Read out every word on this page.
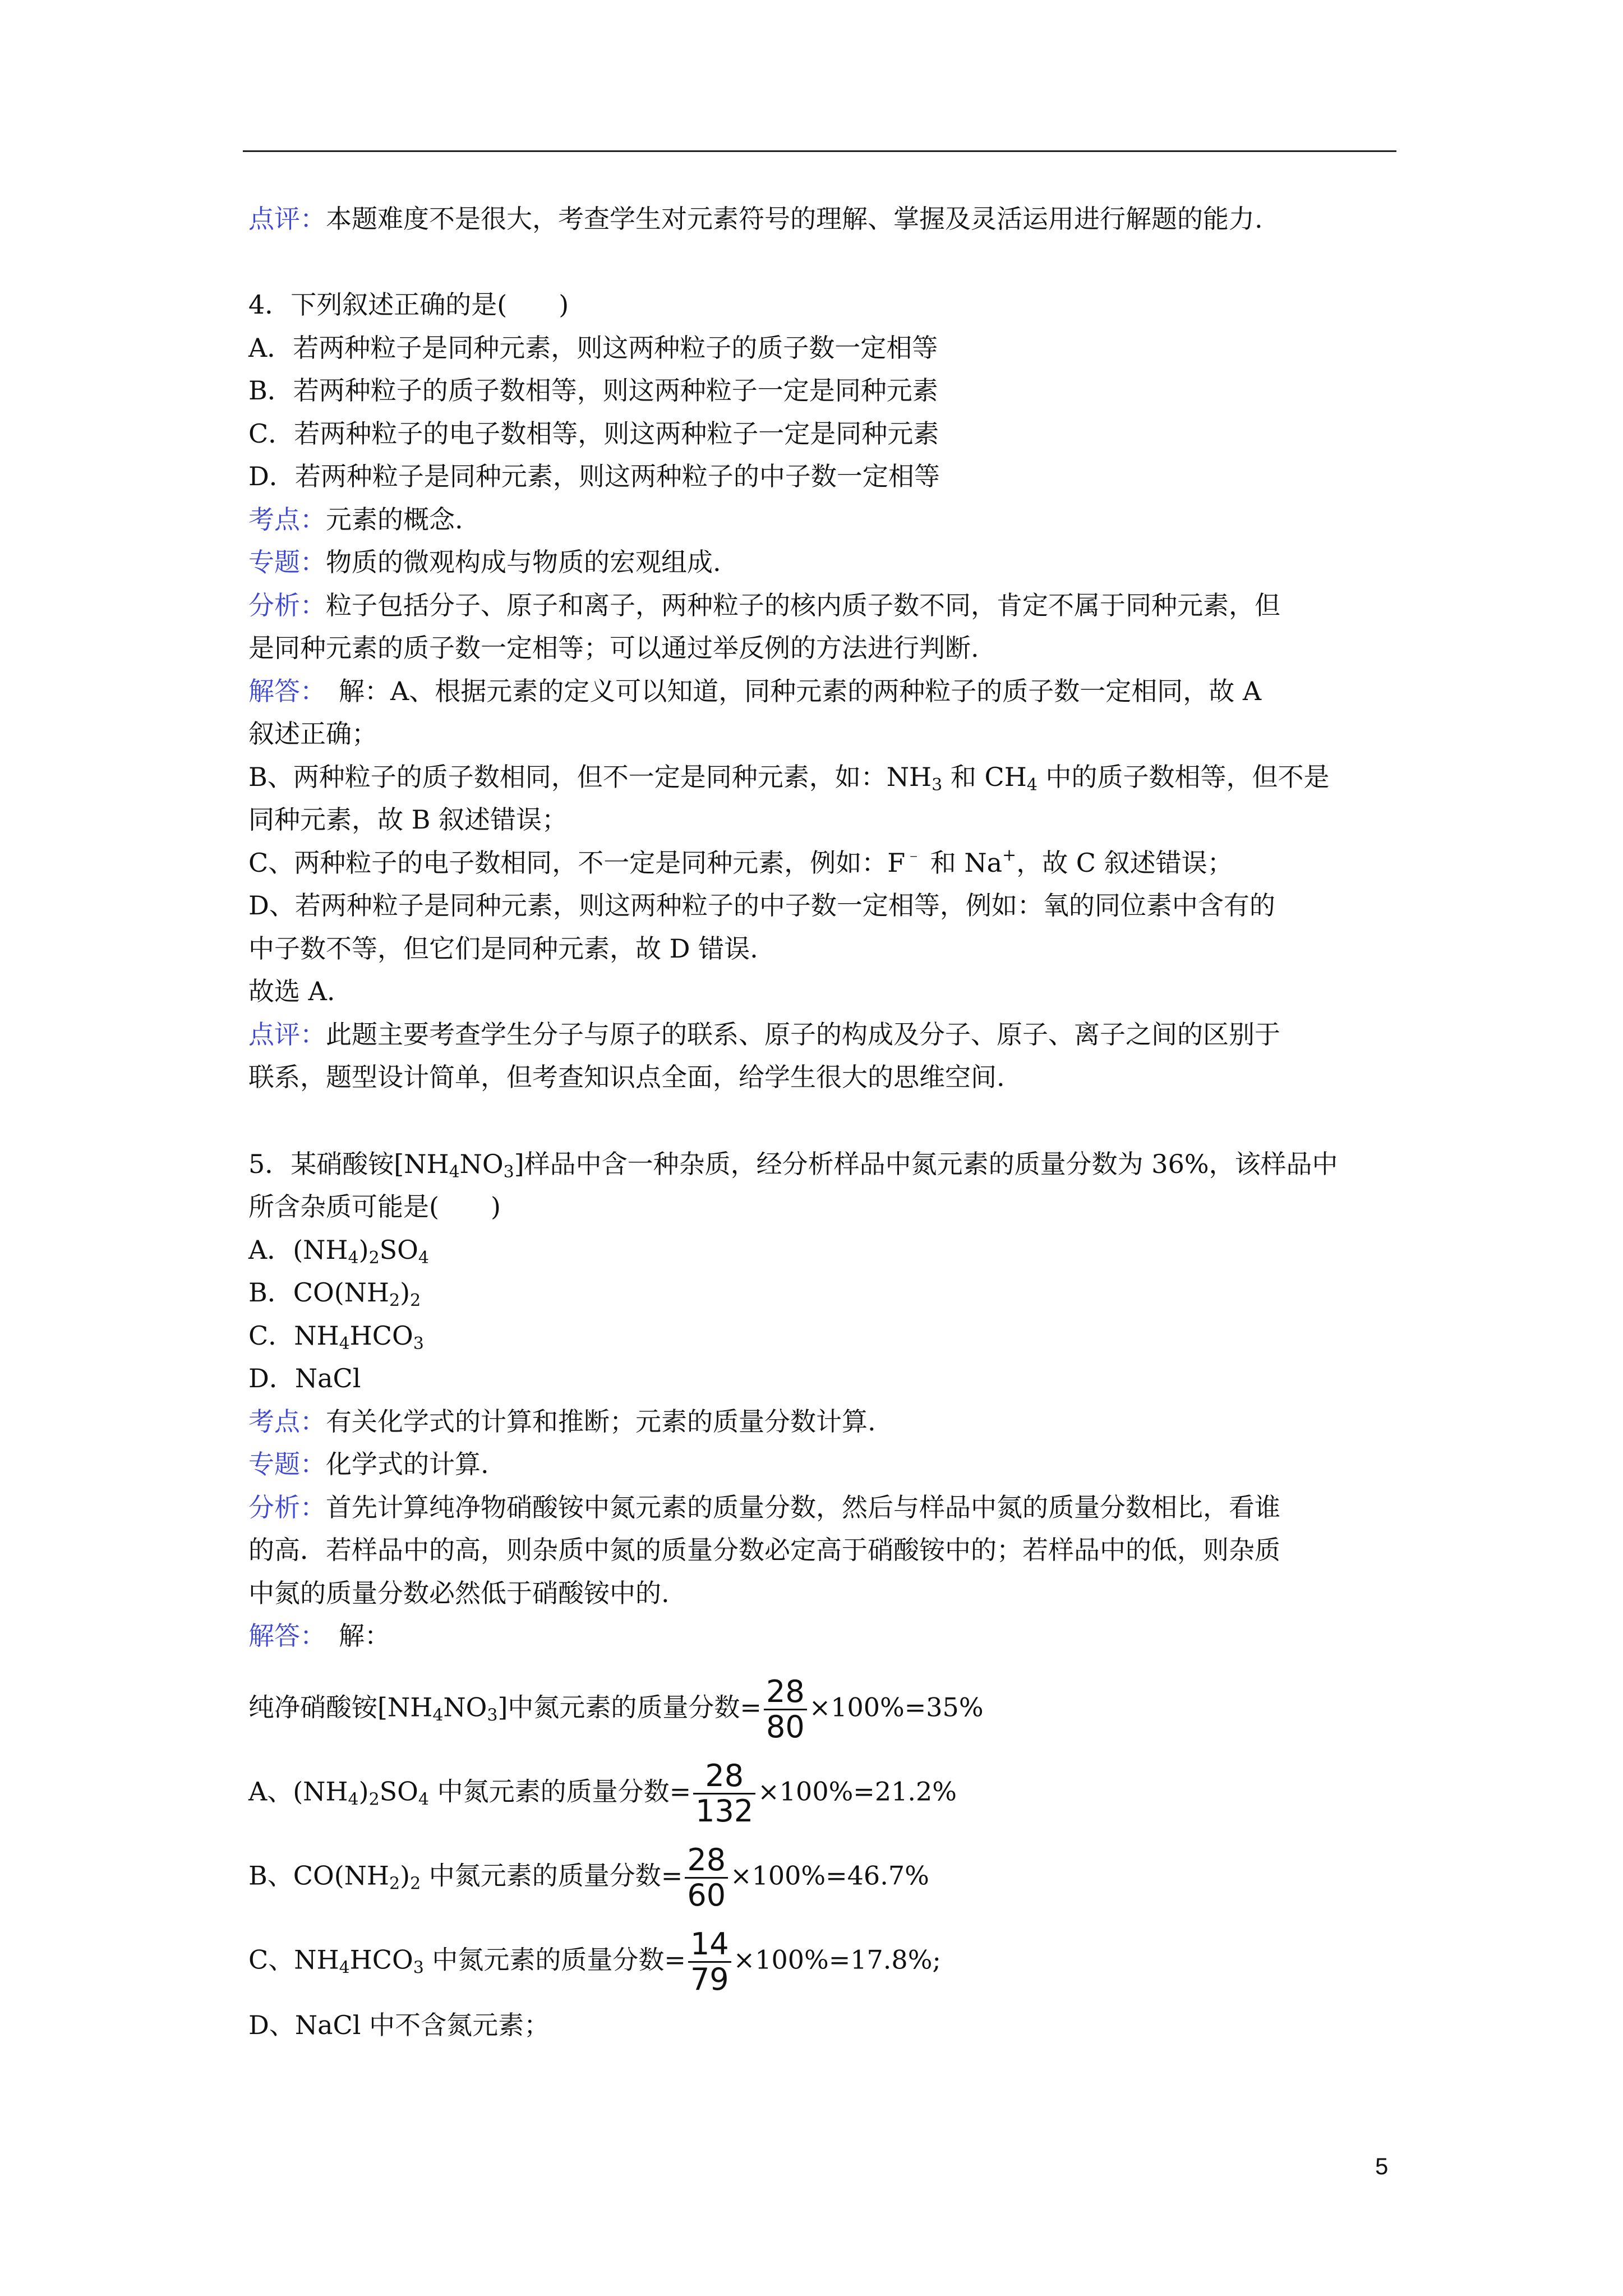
点评：本题难度不是很大，考查学生对元素符号的理解、掌握及灵活运用进行解题的能力.
4．下列叙述正确的是(　　)
A．若两种粒子是同种元素，则这两种粒子的质子数一定相等
B．若两种粒子的质子数相等，则这两种粒子一定是同种元素
C．若两种粒子的电子数相等，则这两种粒子一定是同种元素
D．若两种粒子是同种元素，则这两种粒子的中子数一定相等
考点：元素的概念.
专题：物质的微观构成与物质的宏观组成.
分析：粒子包括分子、原子和离子，两种粒子的核内质子数不同，肯定不属于同种元素，但
是同种元素的质子数一定相等；可以通过举反例的方法进行判断.
解答：　解：A、根据元素的定义可以知道，同种元素的两种粒子的质子数一定相同，故 A
叙述正确；
B、两种粒子的质子数相同，但不一定是同种元素，如：$NH_3$ 和 $CH_4$ 中的质子数相等，但不是
同种元素，故 B 叙述错误；
C、两种粒子的电子数相同，不一定是同种元素，例如：F﹣ 和 Na+，故 C 叙述错误；
D、若两种粒子是同种元素，则这两种粒子的中子数一定相等，例如：氧的同位素中含有的
中子数不等，但它们是同种元素，故 D 错误.
故选 A.
点评：此题主要考查学生分子与原子的联系、原子的构成及分子、原子、离子之间的区别于
联系，题型设计简单，但考查知识点全面，给学生很大的思维空间.
5．某硝酸铵$[NH_4NO_3]$样品中含一种杂质，经分析样品中氮元素的质量分数为 36%，该样品中
所含杂质可能是(　　)
A．$(NH_4)_2SO_4$
B．$CO(NH_2)_2$
C．$NH_4HCO_3$
D．NaCl
考点：有关化学式的计算和推断；元素的质量分数计算.
专题：化学式的计算.
分析：首先计算纯净物硝酸铵中氮元素的质量分数，然后与样品中氮的质量分数相比，看谁
的高．若样品中的高，则杂质中氮的质量分数必定高于硝酸铵中的；若样品中的低，则杂质
中氮的质量分数必然低于硝酸铵中的.
解答：　解：
纯净硝酸铵$[NH_4NO_3]$中氮元素的质量分数= $\frac{28}{80} \times 100\%=35\%$
A、$(NH_4)_2SO_4$ 中氮元素的质量分数= $\frac{28}{132} \times 100\%=21.2\%$
B、$CO(NH_2)_2$ 中氮元素的质量分数= $\frac{28}{60} \times 100\%=46.7\%$
C、$NH_4HCO_3$ 中氮元素的质量分数= $\frac{14}{79} \times 100\%=17.8\%$;
D、NaCl 中不含氮元素；
5
